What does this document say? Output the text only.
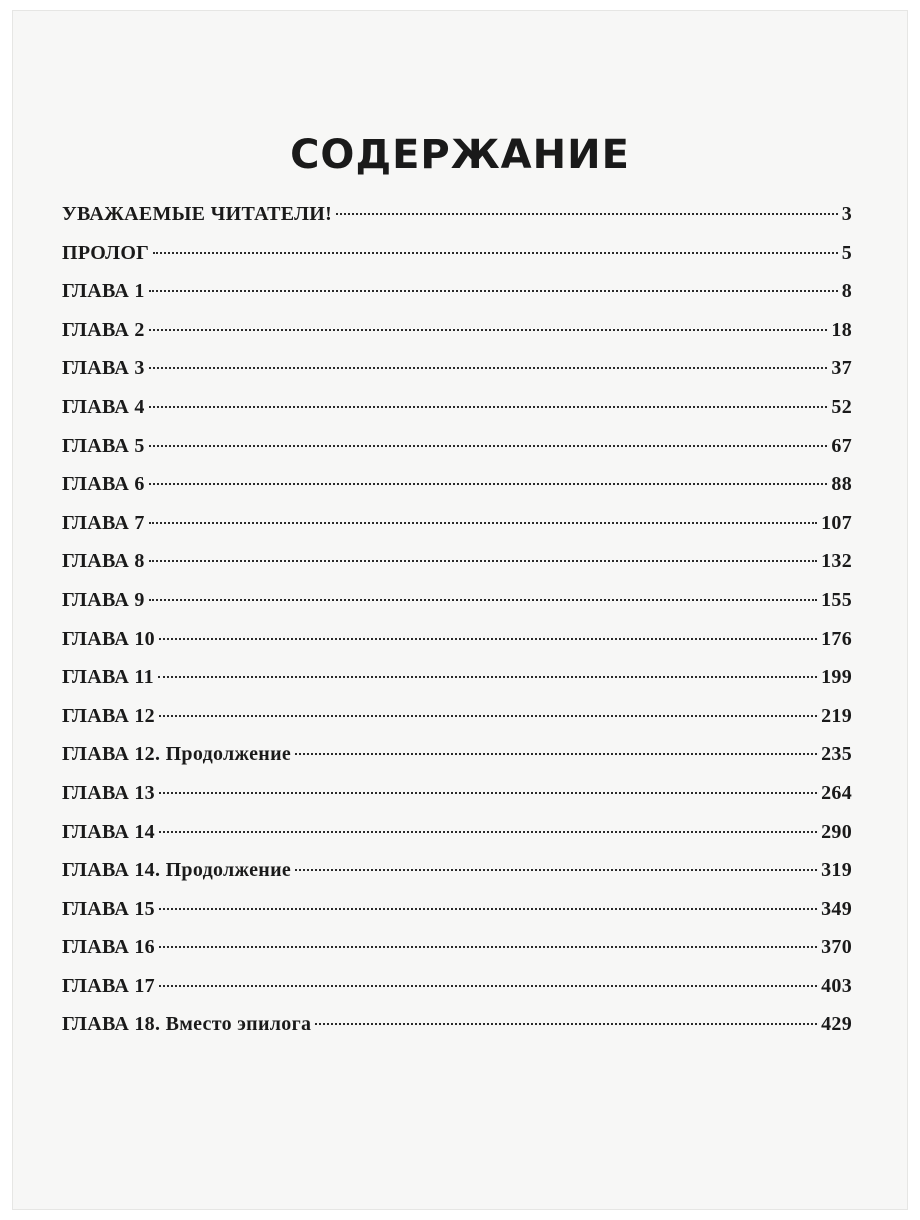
СОДЕРЖАНИЕ
УВАЖАЕМЫЕ ЧИТАТЕЛИ!	3
ПРОЛОГ	5
ГЛАВА 1	8
ГЛАВА 2	18
ГЛАВА 3	37
ГЛАВА 4	52
ГЛАВА 5	67
ГЛАВА 6	88
ГЛАВА 7	107
ГЛАВА 8	132
ГЛАВА 9	155
ГЛАВА 10	176
ГЛАВА 11	199
ГЛАВА 12	219
ГЛАВА 12. Продолжение	235
ГЛАВА 13	264
ГЛАВА 14	290
ГЛАВА 14. Продолжение	319
ГЛАВА 15	349
ГЛАВА 16	370
ГЛАВА 17	403
ГЛАВА 18. Вместо эпилога	429
